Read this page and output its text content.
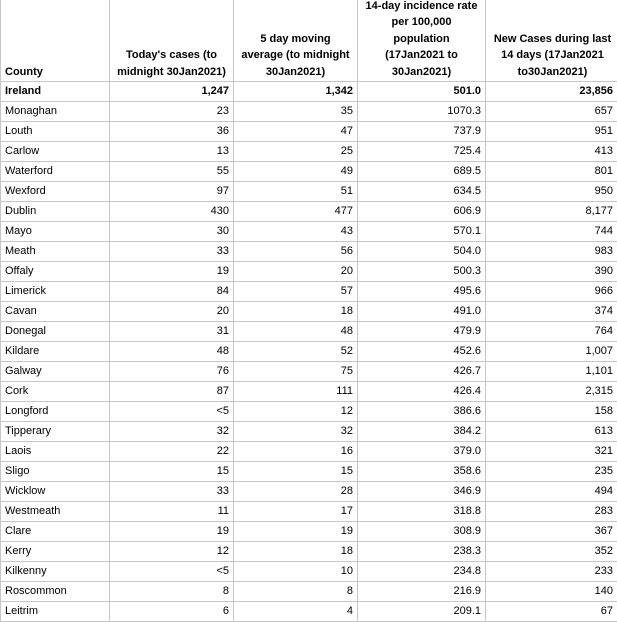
County	Today's cases (to midnight 30Jan2021)	5 day moving average (to midnight 30Jan2021)	14-day incidence rate per 100,000 population (17Jan2021 to 30Jan2021)	New Cases during last 14 days (17Jan2021 to30Jan2021)
Ireland	1,247	1,342	501.0	23,856
Monaghan	23	35	1070.3	657
Louth	36	47	737.9	951
Carlow	13	25	725.4	413
Waterford	55	49	689.5	801
Wexford	97	51	634.5	950
Dublin	430	477	606.9	8,177
Mayo	30	43	570.1	744
Meath	33	56	504.0	983
Offaly	19	20	500.3	390
Limerick	84	57	495.6	966
Cavan	20	18	491.0	374
Donegal	31	48	479.9	764
Kildare	48	52	452.6	1,007
Galway	76	75	426.7	1,101
Cork	87	111	426.4	2,315
Longford	<5	12	386.6	158
Tipperary	32	32	384.2	613
Laois	22	16	379.0	321
Sligo	15	15	358.6	235
Wicklow	33	28	346.9	494
Westmeath	11	17	318.8	283
Clare	19	19	308.9	367
Kerry	12	18	238.3	352
Kilkenny	<5	10	234.8	233
Roscommon	8	8	216.9	140
Leitrim	6	4	209.1	67
